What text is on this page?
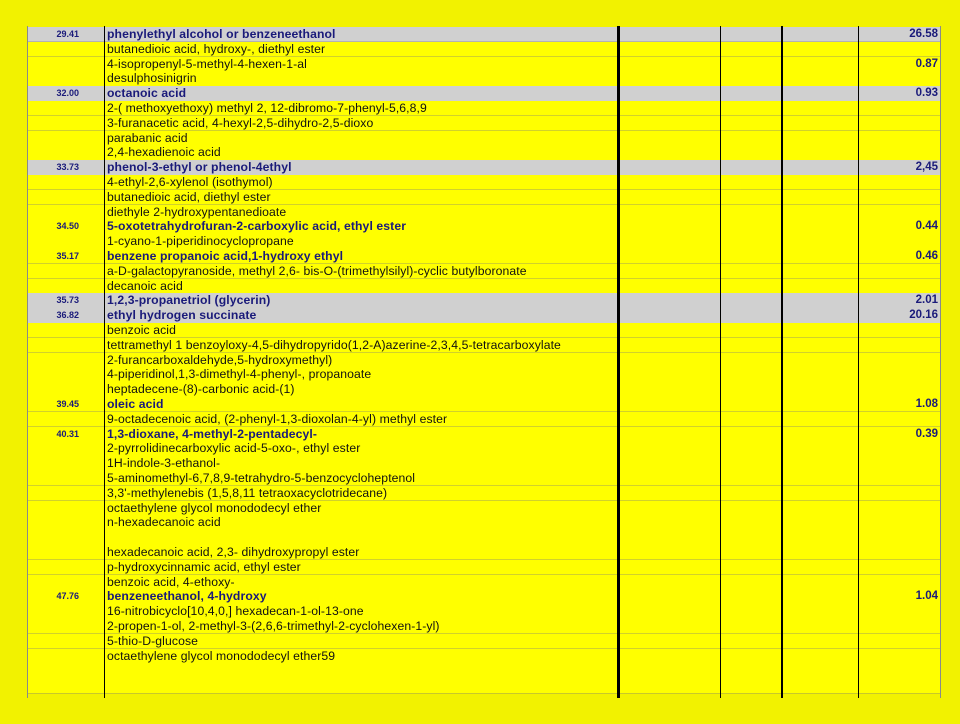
29.41 phenylethyl alcohol or benzeneethanol	26.58
butanedioic acid, hydroxy-, diethyl ester
4-isopropenyl-5-methyl-4-hexen-1-al	0.87
desulphosinigrin
32.00 octanoic acid	0.93
2-( methoxyethoxy) methyl 2, 12-dibromo-7-phenyl-5,6,8,9
3-furanacetic acid, 4-hexyl-2,5-dihydro-2,5-dioxo
parabanic acid
2,4-hexadienoic acid
33.73 phenol-3-ethyl or phenol-4ethyl	2,45
4-ethyl-2,6-xylenol (isothymol)
butanedioic acid, diethyl ester
diethyle 2-hydroxypentanedioate
34.50 5-oxotetrahydrofuran-2-carboxylic acid, ethyl ester	0.44
1-cyano-1-piperidinocyclopropane
35.17 benzene propanoic acid,1-hydroxy ethyl	0.46
a-D-galactopyranoside, methyl 2,6- bis-O-(trimethylsilyl)-cyclic butylboronate
decanoic acid
35.73 1,2,3-propanetriol (glycerin)	2.01
36.82 ethyl hydrogen succinate	20.16
benzoic acid
tettramethyl 1 benzoyloxy-4,5-dihydropyrido(1,2-A)azerine-2,3,4,5-tetracarboxylate
2-furancarboxaldehyde,5-hydroxymethyl)
4-piperidinol,1,3-dimethyl-4-phenyl-, propanoate
heptadecene-(8)-carbonic acid-(1)
39.45 oleic acid	1.08
9-octadecenoic acid, (2-phenyl-1,3-dioxolan-4-yl) methyl ester
40.31 1,3-dioxane, 4-methyl-2-pentadecyl-	0.39
2-pyrrolidinecarboxylic acid-5-oxo-, ethyl ester
1H-indole-3-ethanol-
5-aminomethyl-6,7,8,9-tetrahydro-5-benzocycloheptenol
3,3'-methylenebis (1,5,8,11 tetraoxacyclotridecane)
octaethylene glycol monododecyl ether
n-hexadecanoic acid
hexadecanoic acid, 2,3- dihydroxypropyl ester
p-hydroxycinnamic acid, ethyl ester
benzoic acid, 4-ethoxy-
47.76 benzeneethanol, 4-hydroxy	1.04
16-nitrobicyclo[10,4,0,] hexadecan-1-ol-13-one
2-propen-1-ol, 2-methyl-3-(2,6,6-trimethyl-2-cyclohexen-1-yl)
5-thio-D-glucose
octaethylene glycol monododecyl ether59
